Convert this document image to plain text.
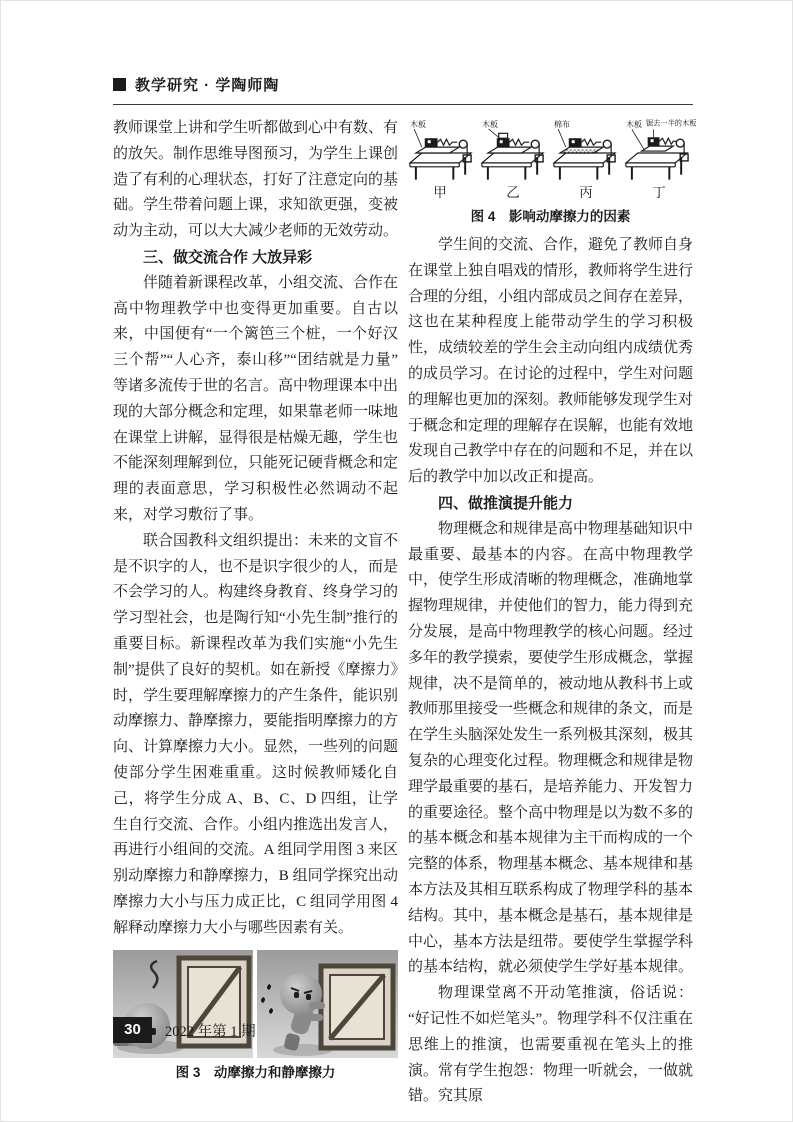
教学研究 · 学陶师陶

教师课堂上讲和学生听都做到心中有数、有的放矢。制作思维导图预习，为学生上课创造了有利的心理状态，打好了注意定向的基础。学生带着问题上课，求知欲更强，变被动为主动，可以大大减少老师的无效劳动。

三、做交流合作 大放异彩

伴随着新课程改革，小组交流、合作在高中物理教学中也变得更加重要。自古以来，中国便有“一个篱笆三个桩，一个好汉三个帮”“人心齐，泰山移”“团结就是力量”等诸多流传于世的名言。高中物理课本中出现的大部分概念和定理，如果靠老师一味地在课堂上讲解，显得很是枯燥无趣，学生也不能深刻理解到位，只能死记硬背概念和定理的表面意思，学习积极性必然调动不起来，对学习敷衍了事。

联合国教科文组织提出：未来的文盲不是不识字的人，也不是识字很少的人，而是不会学习的人。构建终身教育、终身学习的学习型社会，也是陶行知“小先生制”推行的重要目标。新课程改革为我们实施“小先生制”提供了良好的契机。如在新授《摩擦力》时，学生要理解摩擦力的产生条件，能识别动摩擦力、静摩擦力，要能指明摩擦力的方向、计算摩擦力大小。显然，一些列的问题使部分学生困难重重。这时候教师矮化自己，将学生分成 A、B、C、D 四组，让学生自行交流、合作。小组内推选出发言人，再进行小组间的交流。A 组同学用图 3 来区别动摩擦力和静摩擦力，B 组同学探究出动摩擦力大小与压力成正比，C 组同学用图 4 解释动摩擦力大小与哪些因素有关。

图 3　动摩擦力和静摩擦力
木板	木板	棉布	木板 锯去一半的木板
甲	乙	丙	丁
图 4　影响动摩擦力的因素

学生间的交流、合作，避免了教师自身在课堂上独自唱戏的情形，教师将学生进行合理的分组，小组内部成员之间存在差异，这也在某种程度上能带动学生的学习积极性，成绩较差的学生会主动向组内成绩优秀的成员学习。在讨论的过程中，学生对问题的理解也更加的深刻。教师能够发现学生对于概念和定理的理解存在误解，也能有效地发现自己教学中存在的问题和不足，并在以后的教学中加以改正和提高。

四、做推演提升能力

物理概念和规律是高中物理基础知识中最重要、最基本的内容。在高中物理教学中，使学生形成清晰的物理概念，准确地掌握物理规律，并使他们的智力，能力得到充分发展，是高中物理教学的核心问题。经过多年的教学摸索，要使学生形成概念，掌握规律，决不是简单的，被动地从教科书上或教师那里接受一些概念和规律的条文，而是在学生头脑深处发生一系列极其深刻，极其复杂的心理变化过程。物理概念和规律是物理学最重要的基石，是培养能力、开发智力的重要途径。整个高中物理是以为数不多的的基本概念和基本规律为主干而构成的一个完整的体系，物理基本概念、基本规律和基本方法及其相互联系构成了物理学科的基本结构。其中，基本概念是基石，基本规律是中心，基本方法是纽带。要使学生掌握学科的基本结构，就必须使学生学好基本规律。

物理课堂离不开动笔推演，俗话说：“好记性不如烂笔头”。物理学科不仅注重在思维上的推演，也需要重视在笔头上的推演。常有学生抱怨：物理一听就会，一做就错。究其原

30	2022 年第 1 期
